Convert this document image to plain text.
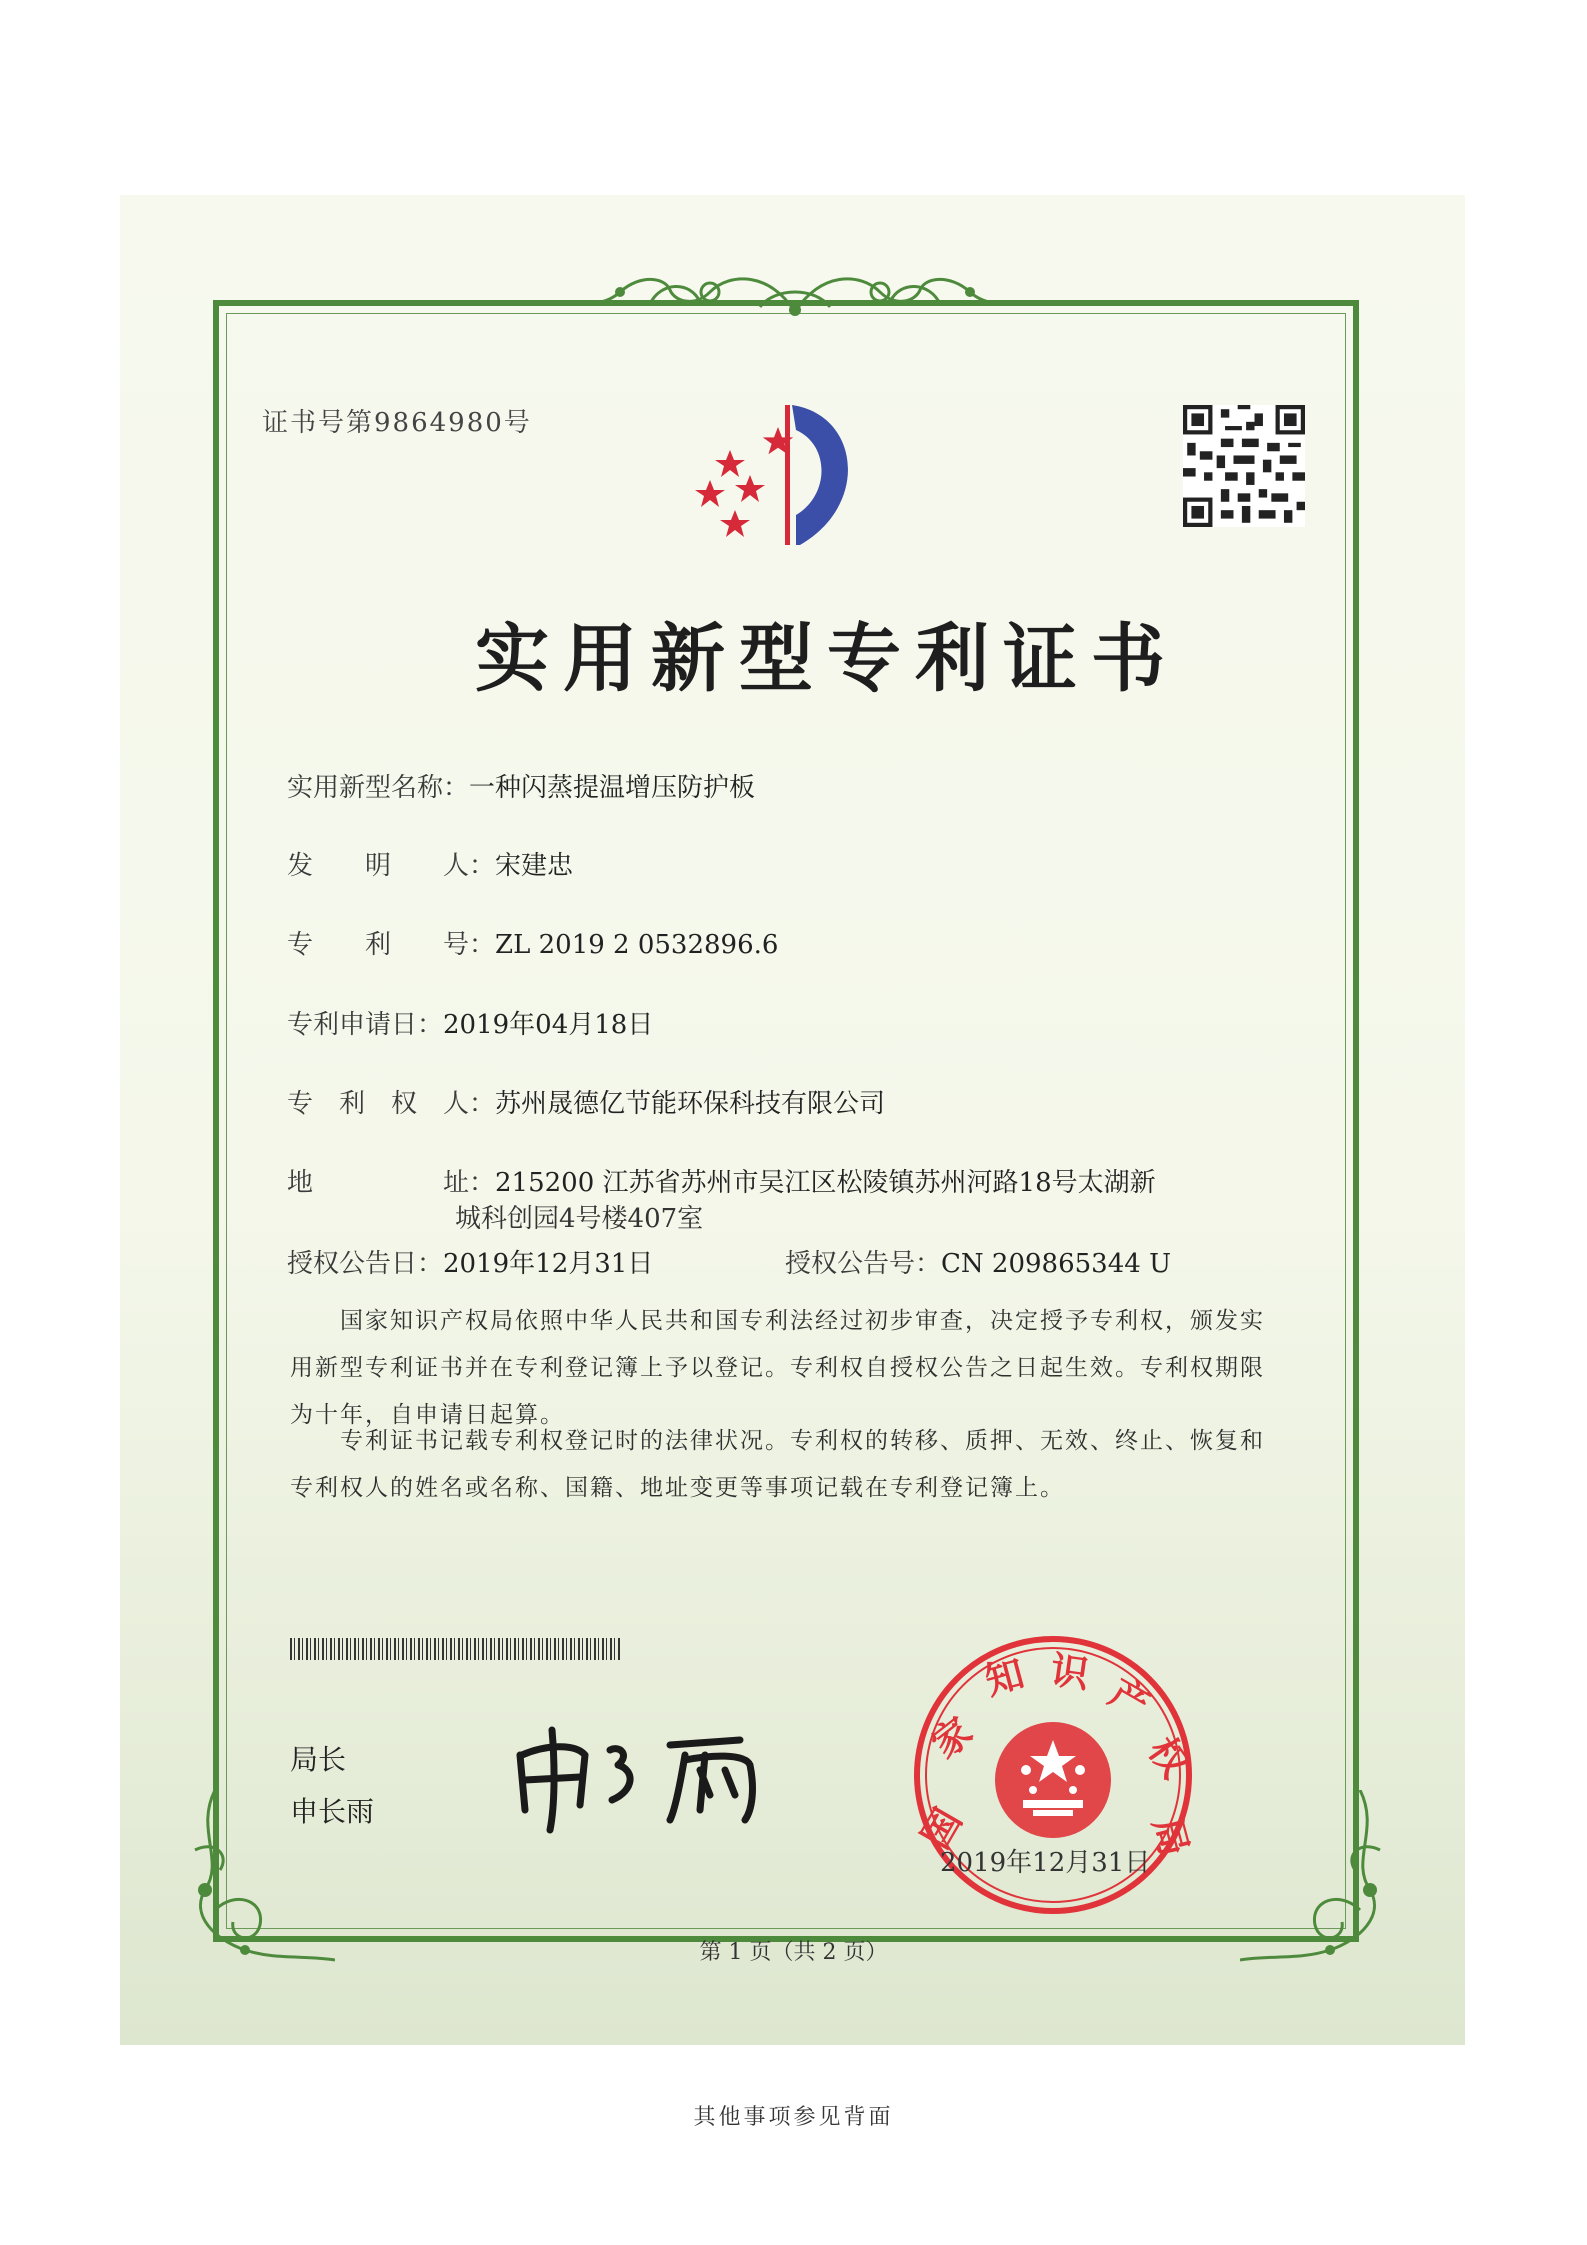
证书号第9864980号
实用新型专利证书
实用新型名称：一种闪蒸提温增压防护板
发　　明　　人：宋建忠
专　　利　　号：ZL 2019 2 0532896.6
专利申请日：2019年04月18日
专　利　权　人：苏州晟德亿节能环保科技有限公司
地　　　　　址：215200 江苏省苏州市吴江区松陵镇苏州河路18号太湖新
城科创园4号楼407室
授权公告日：2019年12月31日	授权公告号：CN 209865344 U
　　国家知识产权局依照中华人民共和国专利法经过初步审查，决定授予专利权，颁发实用新型专利证书并在专利登记簿上予以登记。专利权自授权公告之日起生效。专利权期限为十年，自申请日起算。
　　专利证书记载专利权登记时的法律状况。专利权的转移、质押、无效、终止、恢复和专利权人的姓名或名称、国籍、地址变更等事项记载在专利登记簿上。
局长
申长雨	国
家
知 识 产
权
局
2019年12月31日
第 1 页（共 2 页）
其他事项参见背面
